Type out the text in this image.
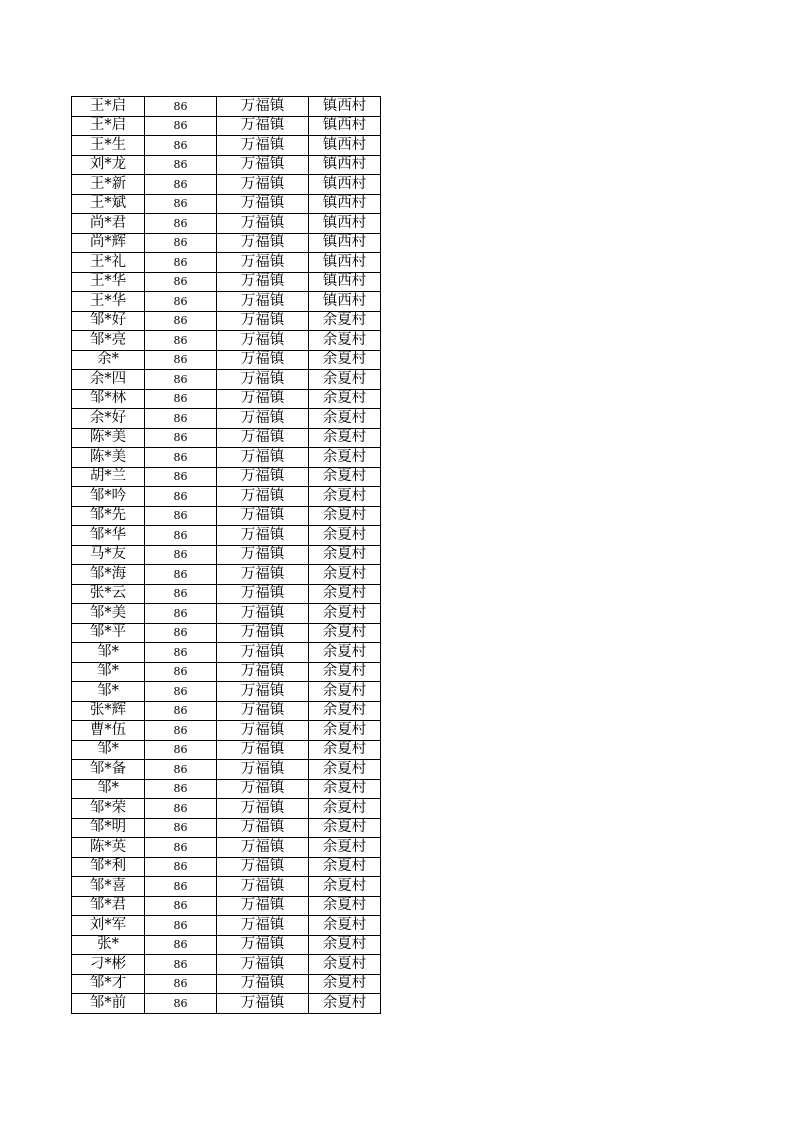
王*启	86	万福镇	镇西村
王*启	86	万福镇	镇西村
王*生	86	万福镇	镇西村
刘*龙	86	万福镇	镇西村
王*新	86	万福镇	镇西村
王*斌	86	万福镇	镇西村
尚*君	86	万福镇	镇西村
尚*辉	86	万福镇	镇西村
王*礼	86	万福镇	镇西村
王*华	86	万福镇	镇西村
王*华	86	万福镇	镇西村
邹*好	86	万福镇	余夏村
邹*亮	86	万福镇	余夏村
余*	86	万福镇	余夏村
余*四	86	万福镇	余夏村
邹*林	86	万福镇	余夏村
余*好	86	万福镇	余夏村
陈*美	86	万福镇	余夏村
陈*美	86	万福镇	余夏村
胡*兰	86	万福镇	余夏村
邹*吟	86	万福镇	余夏村
邹*先	86	万福镇	余夏村
邹*华	86	万福镇	余夏村
马*友	86	万福镇	余夏村
邹*海	86	万福镇	余夏村
张*云	86	万福镇	余夏村
邹*美	86	万福镇	余夏村
邹*平	86	万福镇	余夏村
邹*	86	万福镇	余夏村
邹*	86	万福镇	余夏村
邹*	86	万福镇	余夏村
张*辉	86	万福镇	余夏村
曹*伍	86	万福镇	余夏村
邹*	86	万福镇	余夏村
邹*备	86	万福镇	余夏村
邹*	86	万福镇	余夏村
邹*荣	86	万福镇	余夏村
邹*明	86	万福镇	余夏村
陈*英	86	万福镇	余夏村
邹*利	86	万福镇	余夏村
邹*喜	86	万福镇	余夏村
邹*君	86	万福镇	余夏村
刘*军	86	万福镇	余夏村
张*	86	万福镇	余夏村
刁*彬	86	万福镇	余夏村
邹*才	86	万福镇	余夏村
邹*前	86	万福镇	余夏村
